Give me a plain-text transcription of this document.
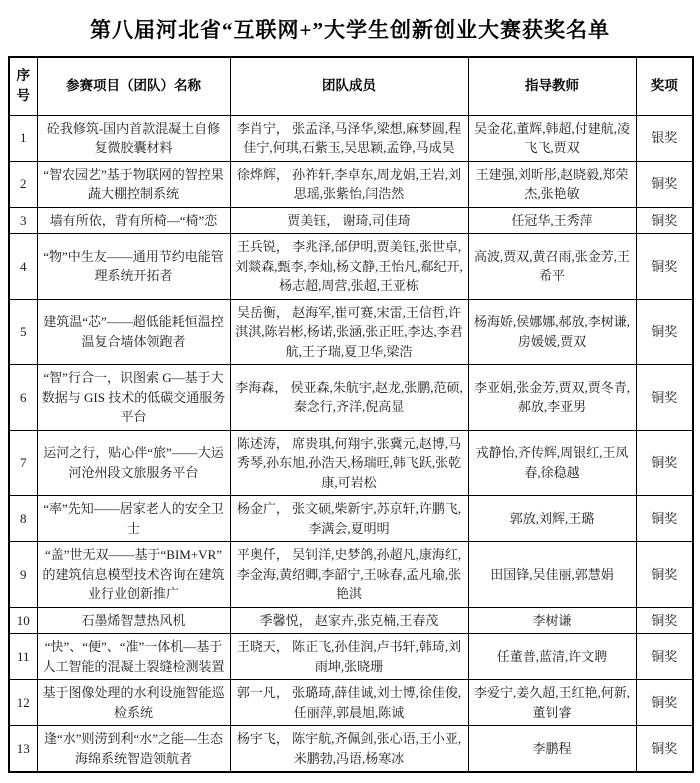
第八届河北省“互联网+”大学生创新创业大赛获奖名单
序号	参赛项目（团队）名称	团队成员	指导教师	奖项
1	砼我修筑-国内首款混凝土自修复微胶囊材料	李肖宁， 张孟泽,马泽华,梁想,麻梦圆,程佳宁,何琪,石紫玉,吴思颖,孟铮,马成昊	吴金花,董辉,韩超,付建航,凌飞飞,贾双	银奖
2	“智农园艺”基于物联网的智控果蔬大棚控制系统	徐烨辉， 孙祚轩,李卓东,周龙娟,王岩,刘思瑶,张紫怡,闫浩然	王建强,刘昕彤,赵晓毅,郑荣杰,张艳敏	铜奖
3	墙有所依，背有所椅—“椅”恋	贾美钰， 谢琦,司佳琦	任冠华,王秀萍	铜奖
4	“物”中生友——通用节约电能管理系统开拓者	王兵锐， 李兆泽,邰伊明,贾美钰,张世卓,刘燚森,甄李,李灿,杨文静,王怡凡,郗纪开,杨志超,周营,张超,王亚栋	高波,贾双,黄召雨,张金芳,王希平	铜奖
5	建筑温“芯”——超低能耗恒温控温复合墙体领跑者	吴岳衡， 赵海军,崔可赛,宋雷,王信哲,许淇淇,陈岩彬,杨诺,张涵,张正旺,李达,李君航,王子瑞,夏卫华,梁浩	杨海娇,侯娜娜,郝放,李树谦,房媛媛,贾双	铜奖
6	“智”行合一，识图索 G—基于大数据与 GIS 技术的低碳交通服务平台	李海森， 侯亚森,朱航宇,赵龙,张鹏,范硕,秦念行,齐洋,倪高显	李亚娟,张金芳,贾双,贾冬青,郝放,李亚男	铜奖
7	运河之行，贴心伴“旅”——大运河沧州段文旅服务平台	陈述涛， 席贵琪,何翔宇,张冀元,赵博,马秀琴,孙东旭,孙浩天,杨瑞旺,韩飞跃,张乾康,可岩松	戎静怡,齐传辉,周银红,王凤春,徐稳越	铜奖
8	“率”先知——居家老人的安全卫士	杨金广， 张文硕,柴新宇,苏京轩,许鹏飞,李满会,夏明明	郭放,刘辉,王璐	铜奖
9	“盖”世无双——基于“BIM+VR”的建筑信息模型技术咨询在建筑业行业创新推广	平奥仟， 吴钊洋,史梦鸽,孙超凡,康海红,李金海,黄绍卿,李韶宁,王咏春,孟凡瑜,张艳淇	田国锋,吴佳丽,郭慧娟	铜奖
10	石墨烯智慧热风机	季馨悦， 赵家卉,张克楠,王春茂	李树谦	铜奖
11	“快”、“便”、“准”一体机—基于人工智能的混凝土裂缝检测装置	王晓天， 陈正飞,孙佳润,卢书轩,韩琦,刘雨坤,张晓珊	任董普,蓝清,许文聘	铜奖
12	基于图像处理的水利设施智能巡检系统	郭一凡， 张璐琦,薛佳诚,刘士博,徐佳俊,任丽萍,郭晨旭,陈诚	李爱宁,姜久超,王红艳,何新,董钊睿	铜奖
13	逢“水”则涝到利“水”之能—生态海绵系统智造领航者	杨宇飞， 陈宇航,齐佩剑,张心语,王小亚,米鹏勃,冯语,杨寒冰	李鹏程	铜奖
